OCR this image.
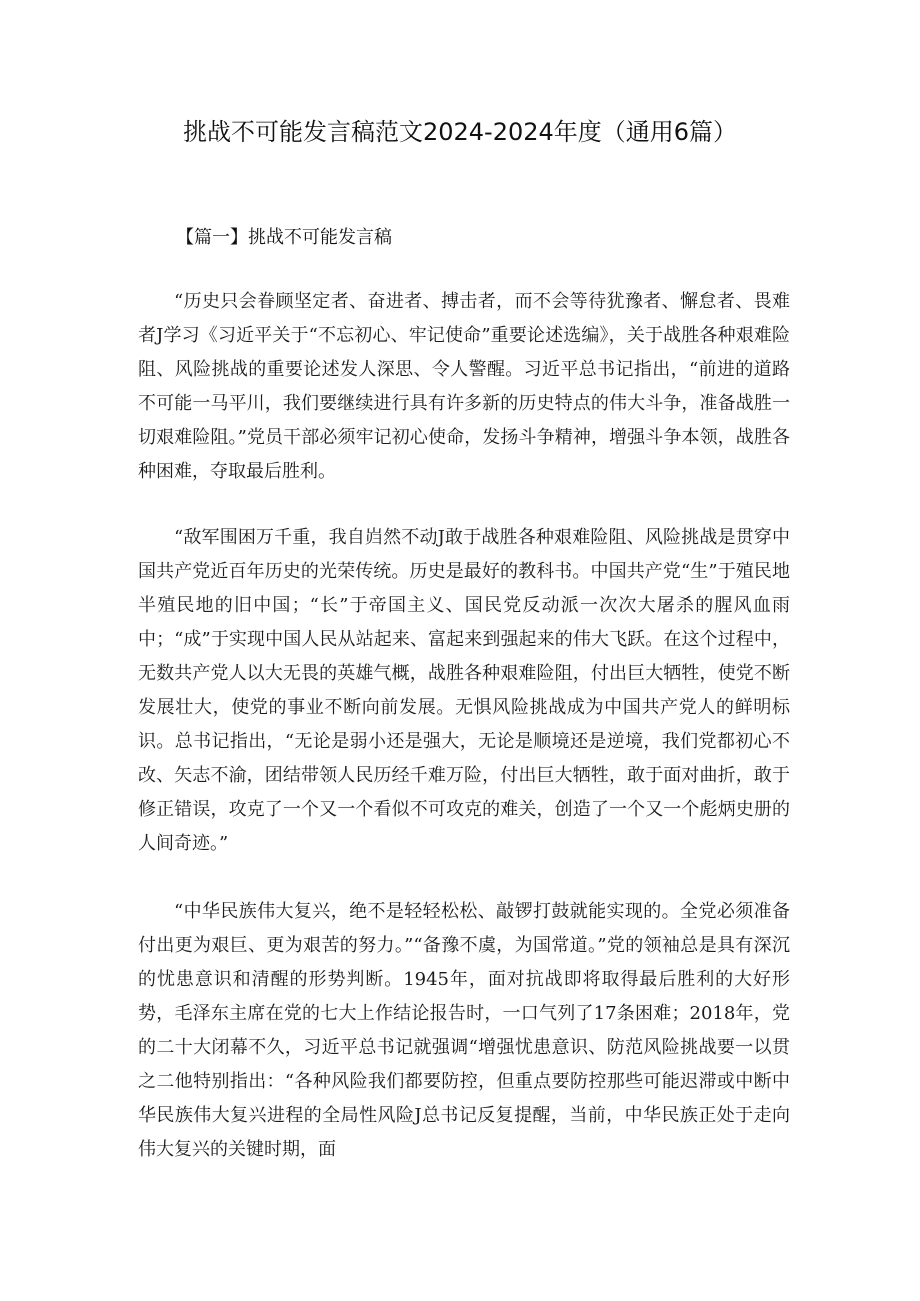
挑战不可能发言稿范文2024-2024年度（通用6篇）
【篇一】挑战不可能发言稿

“历史只会眷顾坚定者、奋进者、搏击者，而不会等待犹豫者、懈怠者、畏难者J学习《习近平关于“不忘初心、牢记使命”重要论述选编》，关于战胜各种艰难险阻、风险挑战的重要论述发人深思、令人警醒。习近平总书记指出，“前进的道路不可能一马平川，我们要继续进行具有许多新的历史特点的伟大斗争，准备战胜一切艰难险阻。”党员干部必须牢记初心使命，发扬斗争精神，增强斗争本领，战胜各种困难，夺取最后胜利。

“敌军围困万千重，我自岿然不动J敢于战胜各种艰难险阻、风险挑战是贯穿中国共产党近百年历史的光荣传统。历史是最好的教科书。中国共产党“生”于殖民地半殖民地的旧中国；“长”于帝国主义、国民党反动派一次次大屠杀的腥风血雨中；“成”于实现中国人民从站起来、富起来到强起来的伟大飞跃。在这个过程中，无数共产党人以大无畏的英雄气概，战胜各种艰难险阻，付出巨大牺牲，使党不断发展壮大，使党的事业不断向前发展。无惧风险挑战成为中国共产党人的鲜明标识。总书记指出，“无论是弱小还是强大，无论是顺境还是逆境，我们党都初心不改、矢志不渝，团结带领人民历经千难万险，付出巨大牺牲，敢于面对曲折，敢于修正错误，攻克了一个又一个看似不可攻克的难关，创造了一个又一个彪炳史册的人间奇迹。”

“中华民族伟大复兴，绝不是轻轻松松、敲锣打鼓就能实现的。全党必须准备付出更为艰巨、更为艰苦的努力。”“备豫不虞，为国常道。”党的领袖总是具有深沉的忧患意识和清醒的形势判断。1945年，面对抗战即将取得最后胜利的大好形势，毛泽东主席在党的七大上作结论报告时，一口气列了17条困难；2018年，党的二十大闭幕不久，习近平总书记就强调“增强忧患意识、防范风险挑战要一以贯之二他特别指出：“各种风险我们都要防控，但重点要防控那些可能迟滞或中断中华民族伟大复兴进程的全局性风险J总书记反复提醒，当前，中华民族正处于走向伟大复兴的关键时期，面
